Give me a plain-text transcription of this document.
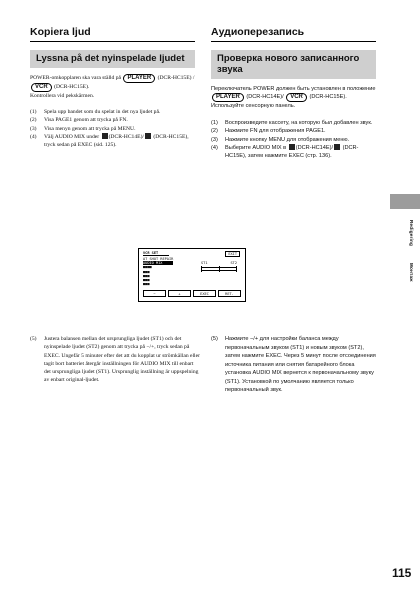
Kopiera ljud
Lyssna på det nyinspelade ljudet
POWER-omkopplaren ska vara ställd på PLAYER (DCR-HC15E) / VCR (DCR-HC15E).
Kontrollera vid pekskärmen.
(1) Spela upp bandet som du spelat in det nya ljudet på.
(2) Visa PAGE1 genom att trycka på FN.
(3) Visa menyn genom att trycka på MENU.
(4) Välj AUDIO MIX under (DCR-HC14E)/ (DCR-HC15E), tryck sedan på EXEC (sid. 125).
Аудиоперезапись
Проверка нового записанного звука
Переключатель POWER должен быть установлен в положение PLAYER (DCR-HC14E)/ VCR (DCR-HC15E).
Используйте сенсорную панель.
(1) Воспроизведите кассету, на которую был добавлен звук.
(2) Нажмите FN для отображения PAGE1.
(3) Нажмите кнопку MENU для отображения меню.
(4) Выберите AUDIO MIX в (DCR-HC14E)/ (DCR-HC15E), затем нажмите EXEC (стр. 136).
VCR SET	EXIT
AT SHOT REPAIR
AUDIO MIX
■■■■
■■■
■■■
■■■
■■■
ST1	ST2
−	+	EXEC	RET.
(5) Justera balansen mellan det ursprungliga ljudet (ST1) och det nyinspelade ljudet (ST2) genom att trycka på −/+, tryck sedan på EXEC. Ungefär 5 minuter efter det att du kopplat ur strömkällan eller tagit bort batteriet återgår inställningen för AUDIO MIX till enbart det ursprungliga ljudet (ST1). Ursprunglig inställning är uppspelning av enbart original-ljudet.
(5) Нажмите −/+ для настройки баланса между первоначальным звуком (ST1) и новым звуком (ST2), затем нажмите EXEC. Через 5 минут после отсоединения источника питания или снятия батарейного блока установка AUDIO MIX вернется к первоначальному звуку (ST1). Установкой по умолчанию является только первоначальный звук.
Redigering
Монтаж
115
